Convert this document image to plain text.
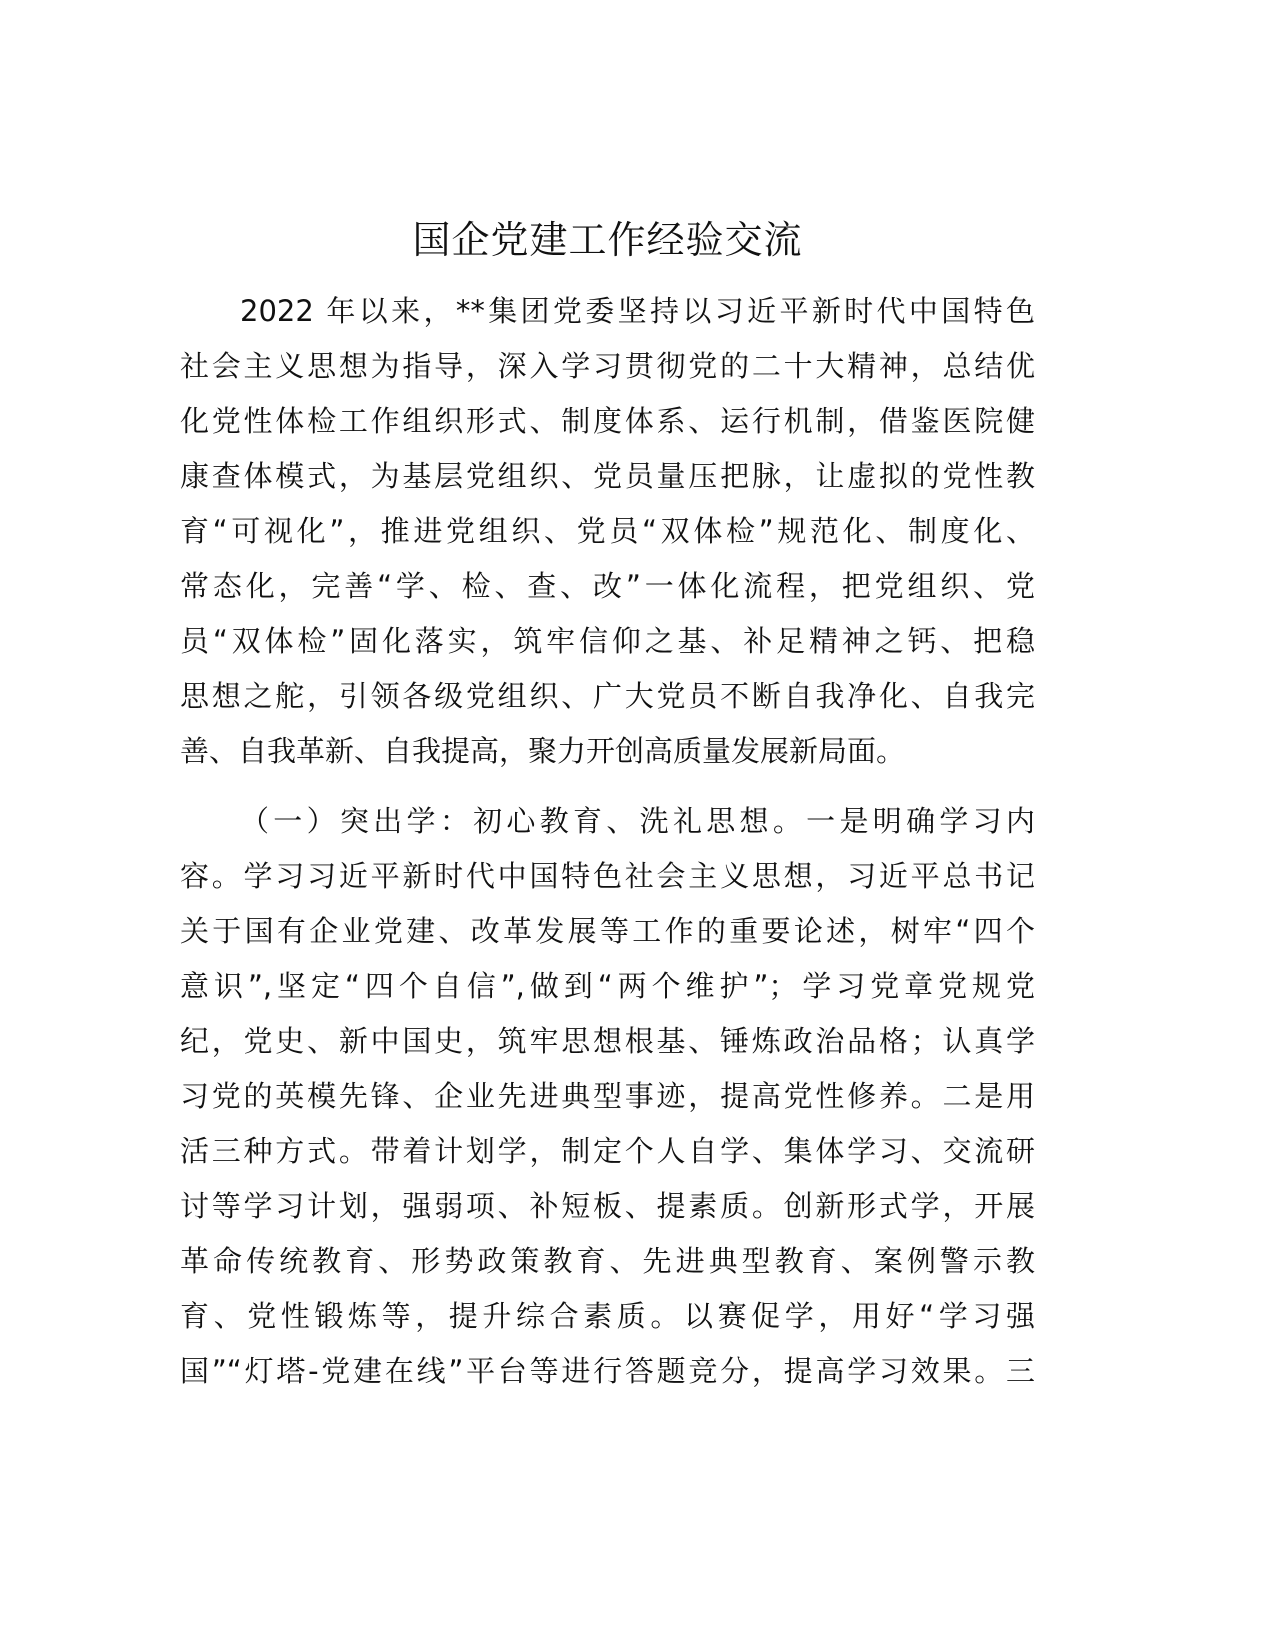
国企党建工作经验交流
2022 年以来，**集团党委坚持以习近平新时代中国特色
社会主义思想为指导，深入学习贯彻党的二十大精神，总结优
化党性体检工作组织形式、制度体系、运行机制，借鉴医院健
康查体模式，为基层党组织、党员量压把脉，让虚拟的党性教
育“可视化”，推进党组织、党员“双体检”规范化、制度化、
常态化，完善“学、检、查、改”一体化流程，把党组织、党
员“双体检”固化落实，筑牢信仰之基、补足精神之钙、把稳
思想之舵，引领各级党组织、广大党员不断自我净化、自我完
善、自我革新、自我提高，聚力开创高质量发展新局面。
（一）突出学：初心教育、洗礼思想。一是明确学习内
容。学习习近平新时代中国特色社会主义思想，习近平总书记
关于国有企业党建、改革发展等工作的重要论述，树牢“四个
意识”,坚定“四个自信”,做到“两个维护”；学习党章党规党
纪，党史、新中国史，筑牢思想根基、锤炼政治品格；认真学
习党的英模先锋、企业先进典型事迹，提高党性修养。二是用
活三种方式。带着计划学，制定个人自学、集体学习、交流研
讨等学习计划，强弱项、补短板、提素质。创新形式学，开展
革命传统教育、形势政策教育、先进典型教育、案例警示教
育、党性锻炼等，提升综合素质。以赛促学，用好“学习强
国”“灯塔-党建在线”平台等进行答题竞分，提高学习效果。三
